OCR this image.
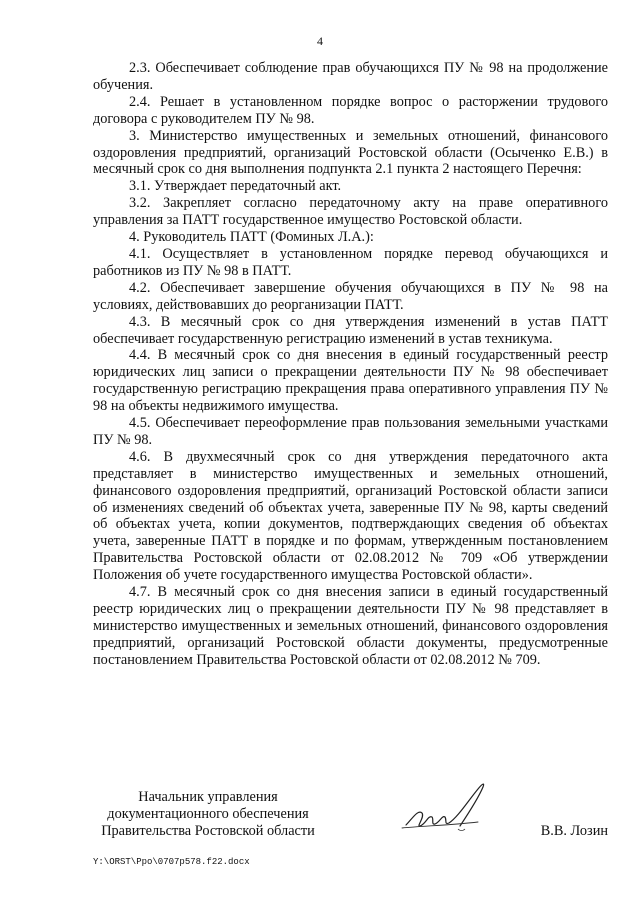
4

2.3. Обеспечивает соблюдение прав обучающихся ПУ № 98 на продолжение обучения.

2.4. Решает в установленном порядке вопрос о расторжении трудового договора с руководителем ПУ № 98.

3. Министерство имущественных и земельных отношений, финансового оздоровления предприятий, организаций Ростовской области (Осыченко Е.В.) в месячный срок со дня выполнения подпункта 2.1 пункта 2 настоящего Перечня:

3.1. Утверждает передаточный акт.

3.2. Закрепляет согласно передаточному акту на праве оперативного управления за ПАТТ государственное имущество Ростовской области.

4. Руководитель ПАТТ (Фоминых Л.А.):

4.1. Осуществляет в установленном порядке перевод обучающихся и работников из ПУ № 98 в ПАТТ.

4.2. Обеспечивает завершение обучения обучающихся в ПУ № 98 на условиях, действовавших до реорганизации ПАТТ.

4.3. В месячный срок со дня утверждения изменений в устав ПАТТ обеспечивает государственную регистрацию изменений в устав техникума.

4.4. В месячный срок со дня внесения в единый государственный реестр юридических лиц записи о прекращении деятельности ПУ № 98 обеспечивает государственную регистрацию прекращения права оперативного управления ПУ № 98 на объекты недвижимого имущества.

4.5. Обеспечивает переоформление прав пользования земельными участками ПУ № 98.

4.6. В двухмесячный срок со дня утверждения передаточного акта представляет в министерство имущественных и земельных отношений, финансового оздоровления предприятий, организаций Ростовской области записи об изменениях сведений об объектах учета, заверенные ПУ № 98, карты сведений об объектах учета, копии документов, подтверждающих сведения об объектах учета, заверенные ПАТТ в порядке и по формам, утвержденным постановлением Правительства Ростовской области от 02.08.2012 № 709 «Об утверждении Положения об учете государственного имущества Ростовской области».

4.7. В месячный срок со дня внесения записи в единый государственный реестр юридических лиц о прекращении деятельности ПУ № 98 представляет в министерство имущественных и земельных отношений, финансового оздоровления предприятий, организаций Ростовской области документы, предусмотренные постановлением Правительства Ростовской области от 02.08.2012 № 709.

Начальник управления
документационного обеспечения
Правительства Ростовской области	В.В. Лозин
Y:\ORST\Ppo\0707p578.f22.docx
